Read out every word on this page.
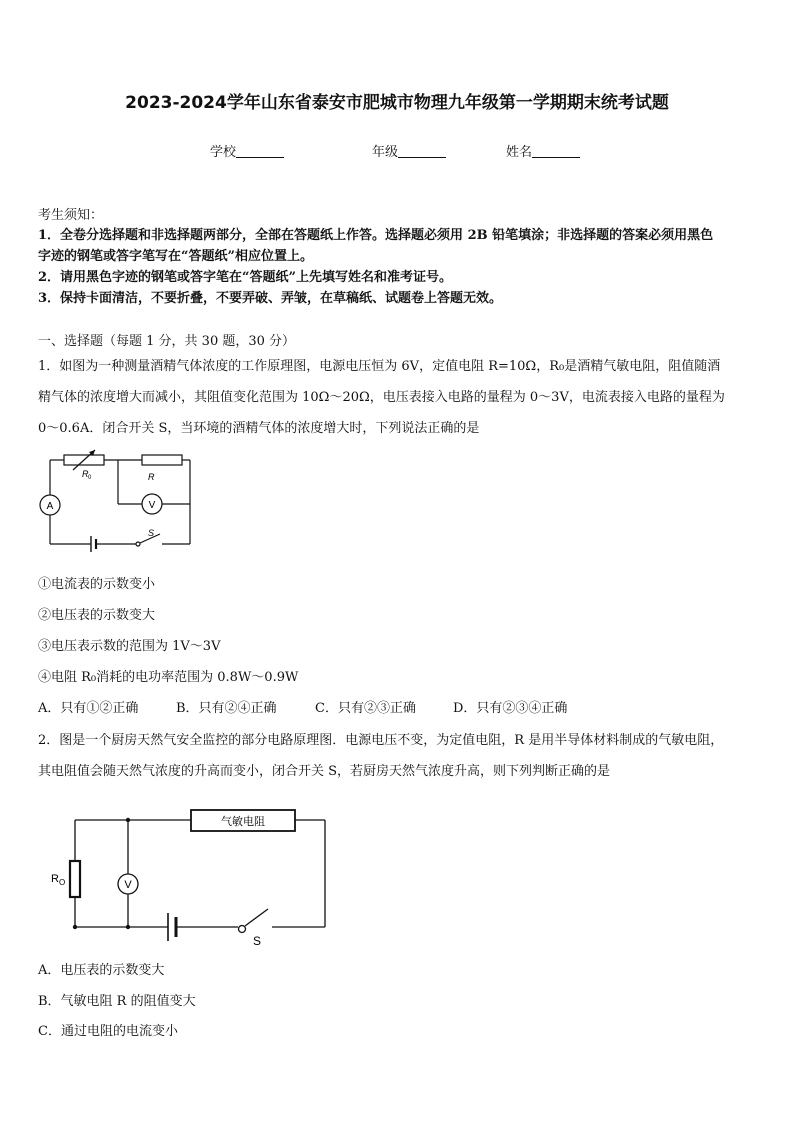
2023-2024学年山东省泰安市肥城市物理九年级第一学期期末统考试题
学校	年级	姓名
考生须知：
1．全卷分选择题和非选择题两部分，全部在答题纸上作答。选择题必须用 2B 铅笔填涂；非选择题的答案必须用黑色
字迹的钢笔或答字笔写在“答题纸”相应位置上。
2．请用黑色字迹的钢笔或答字笔在“答题纸”上先填写姓名和准考证号。
3．保持卡面清洁，不要折叠，不要弄破、弄皱，在草稿纸、试题卷上答题无效。
一、选择题（每题 1 分，共 30 题，30 分）
1．如图为一种测量酒精气体浓度的工作原理图，电源电压恒为 6V，定值电阻 R=10Ω，R₀是酒精气敏电阻，阻值随酒
精气体的浓度增大而减小，其阻值变化范围为 10Ω～20Ω，电压表接入电路的量程为 0～3V，电流表接入电路的量程为
0～0.6A．闭合开关 S，当环境的酒精气体的浓度增大时，下列说法正确的是
R 0	R
A	V
S
①电流表的示数变小
②电压表的示数变大
③电压表示数的范围为 1V～3V
④电阻 R₀消耗的电功率范围为 0.8W～0.9W
A．只有①②正确	B．只有②④正确	C．只有②③正确	D．只有②③④正确
2．图是一个厨房天然气安全监控的部分电路原理图．电源电压不变，为定值电阻，R 是用半导体材料制成的气敏电阻，
其电阻值会随天然气浓度的升高而变小，闭合开关 S，若厨房天然气浓度升高，则下列判断正确的是
气敏电阻
R O	V
S
A．电压表的示数变大
B．气敏电阻 R 的阻值变大
C．通过电阻的电流变小
